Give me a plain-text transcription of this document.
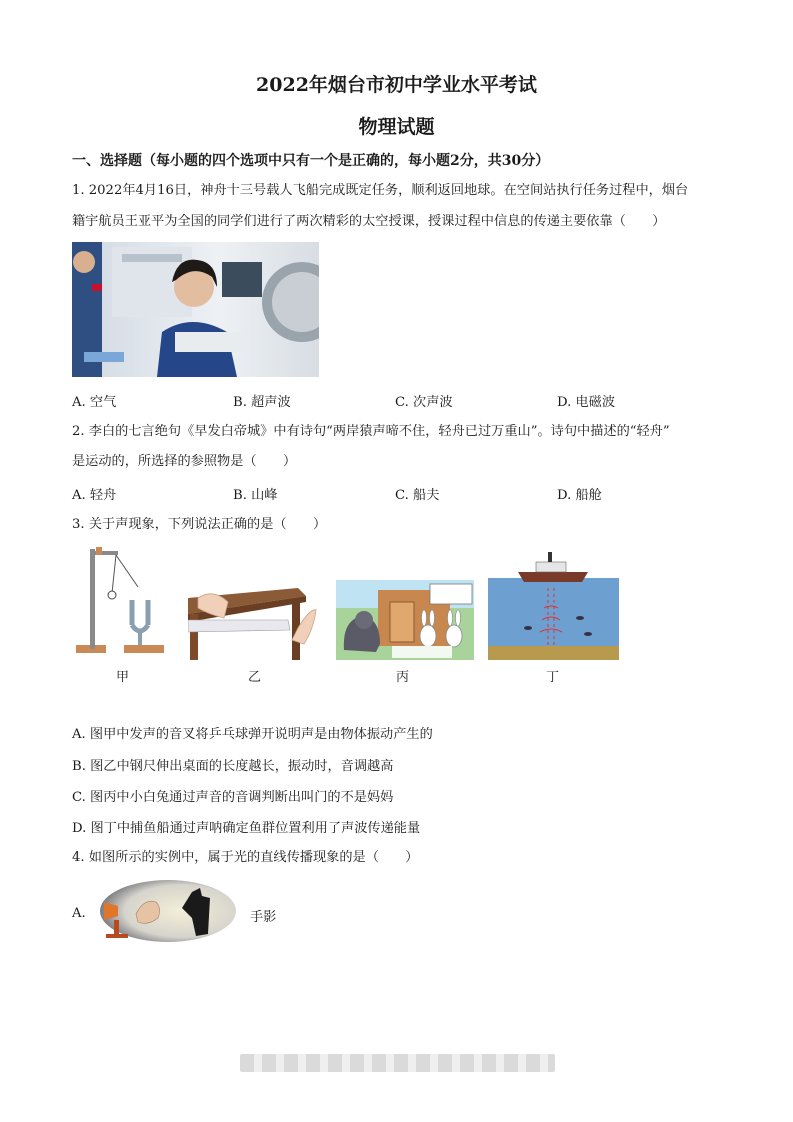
2022年烟台市初中学业水平考试
物理试题
一、选择题（每小题的四个选项中只有一个是正确的，每小题2分，共30分）
1. 2022年4月16日，神舟十三号载人飞船完成既定任务，顺利返回地球。在空间站执行任务过程中，烟台
籍宇航员王亚平为全国的同学们进行了两次精彩的太空授课，授课过程中信息的传递主要依靠（　　）
A. 空气	B. 超声波	C. 次声波	D. 电磁波
2. 李白的七言绝句《早发白帝城》中有诗句“两岸猿声啼不住，轻舟已过万重山”。诗句中描述的“轻舟”
是运动的，所选择的参照物是（　　）
A. 轻舟	B. 山峰	C. 船夫	D. 船舱
3. 关于声现象，下列说法正确的是（　　）
甲	乙	丙	丁
A. 图甲中发声的音叉将乒乓球弹开说明声是由物体振动产生的
B. 图乙中钢尺伸出桌面的长度越长，振动时，音调越高
C. 图丙中小白兔通过声音的音调判断出叫门的不是妈妈
D. 图丁中捕鱼船通过声呐确定鱼群位置利用了声波传递能量
4. 如图所示的实例中，属于光的直线传播现象的是（　　）
A.	手影
